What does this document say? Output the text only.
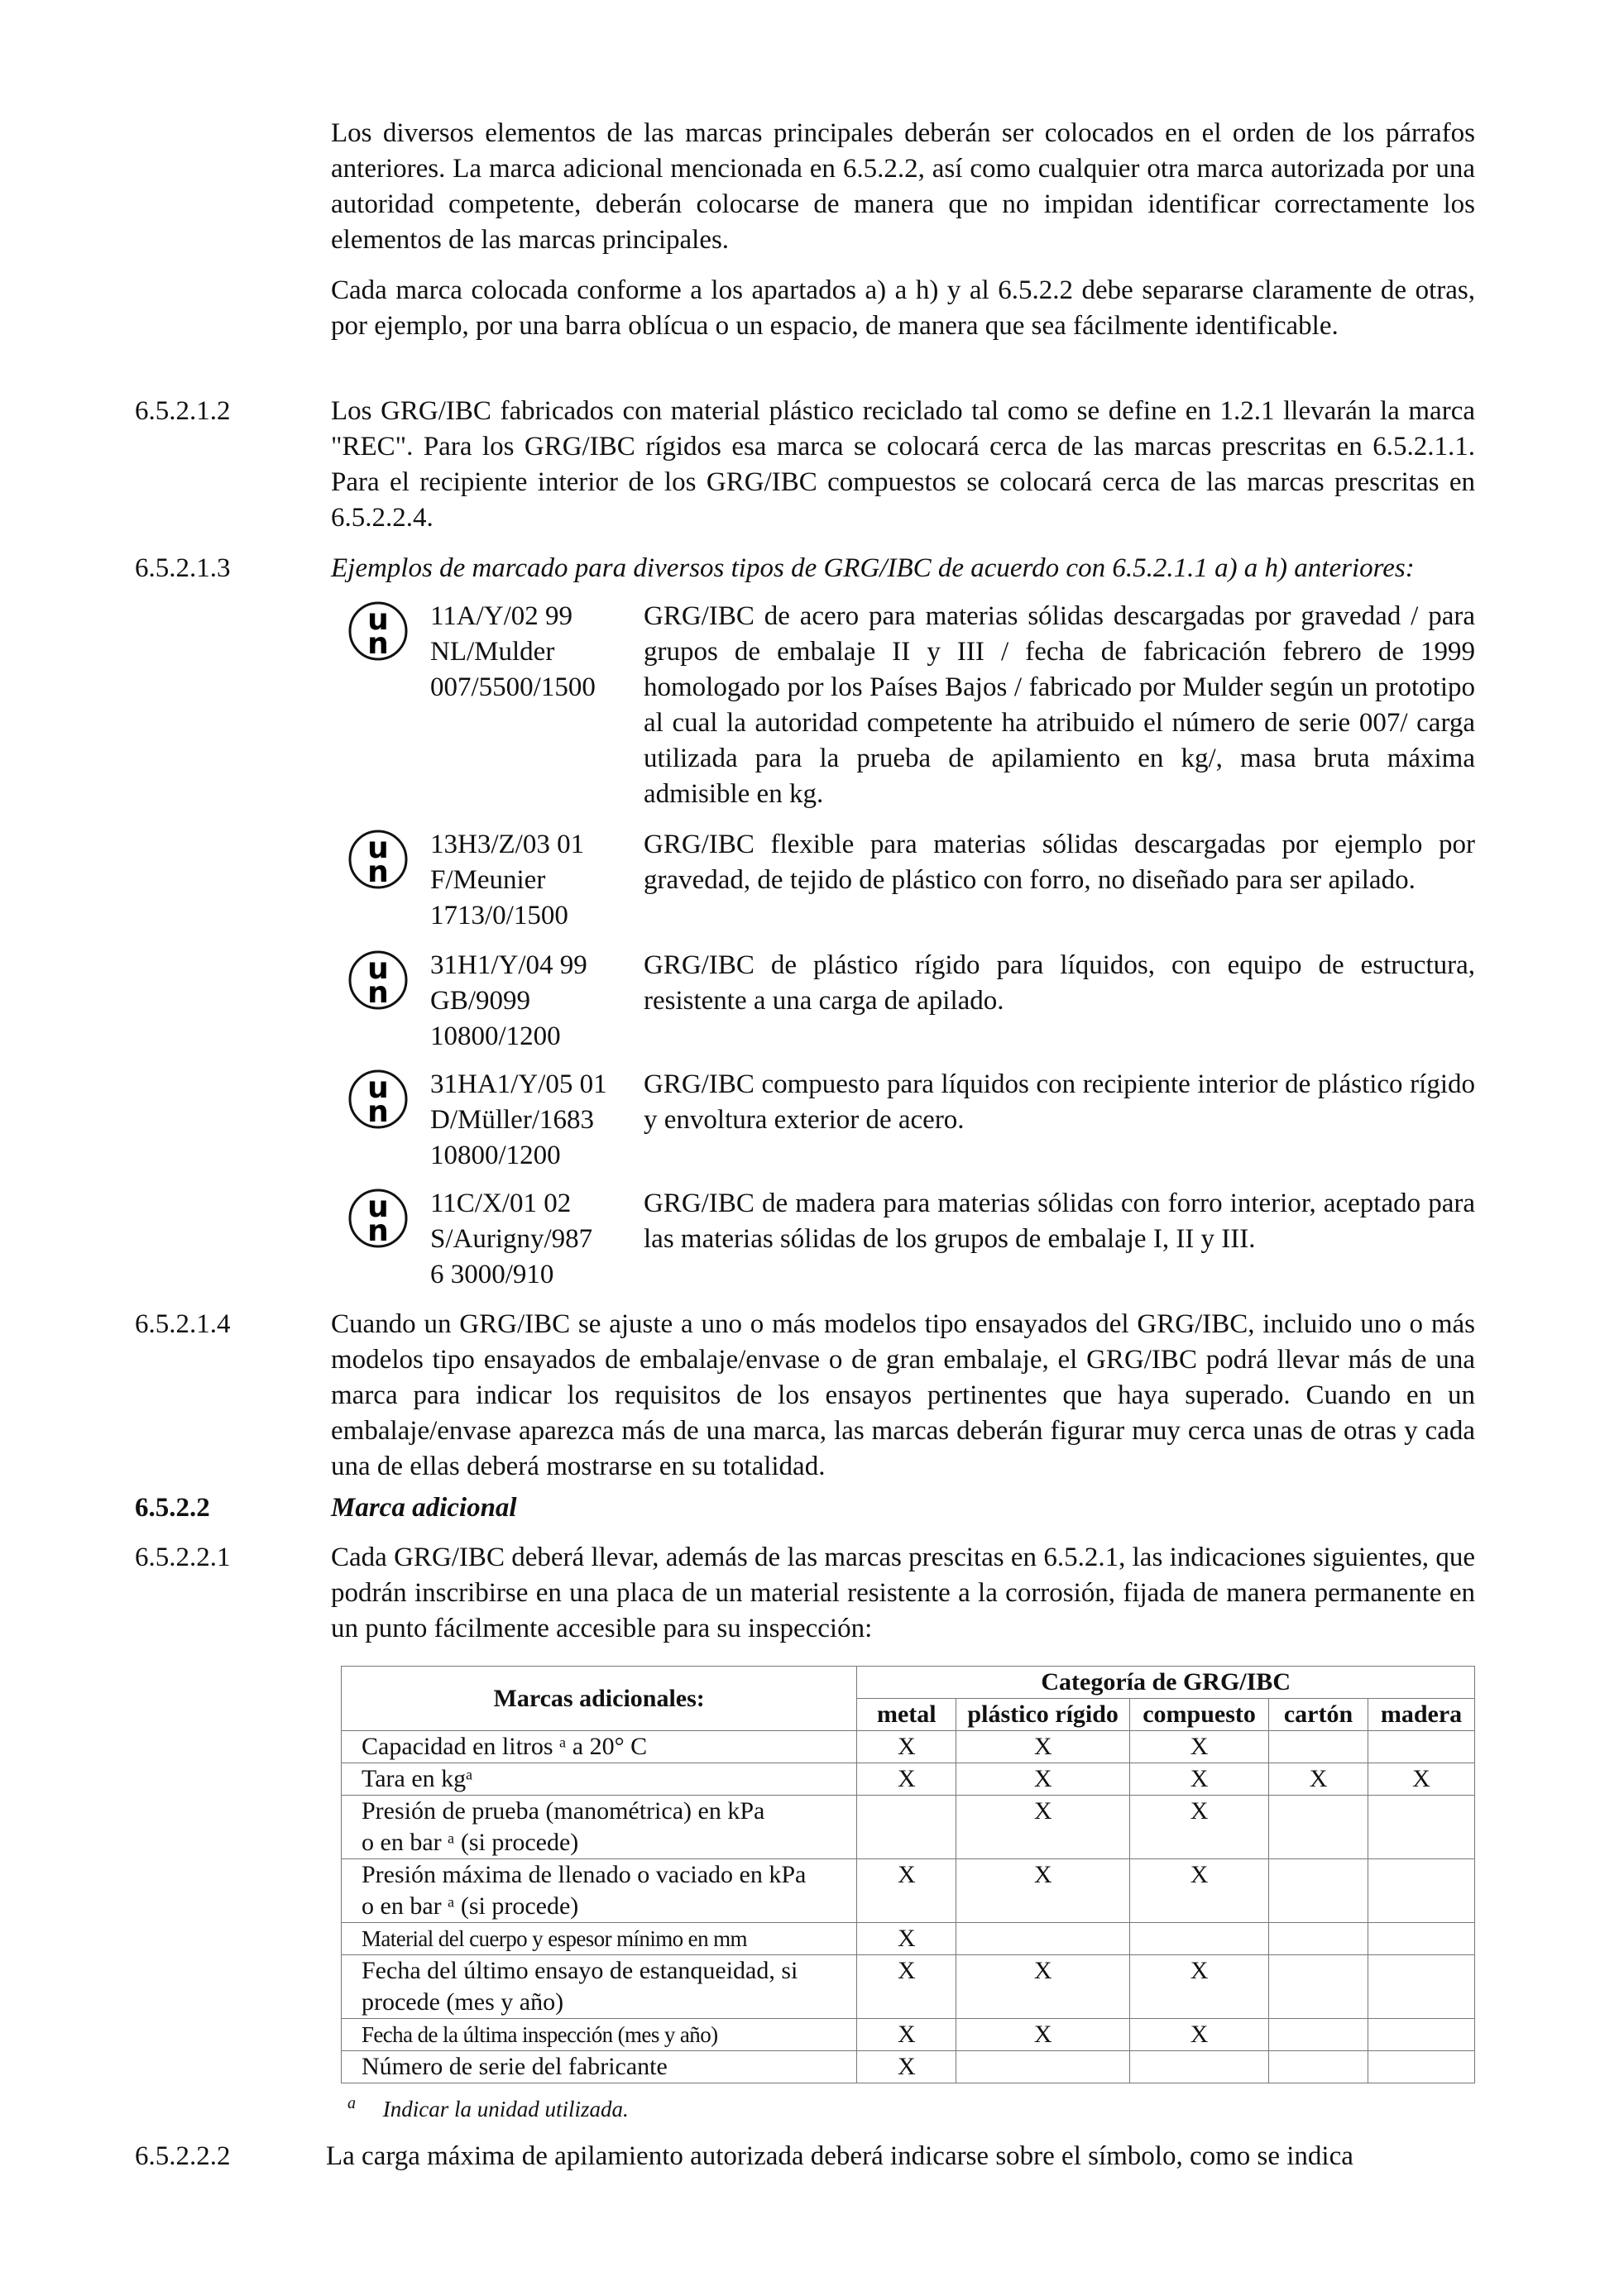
Los diversos elementos de las marcas principales deberán ser colocados en el orden de los párrafos anteriores. La marca adicional mencionada en 6.5.2.2, así como cualquier otra marca autorizada por una autoridad competente, deberán colocarse de manera que no impidan identificar correctamente los elementos de las marcas principales.

Cada marca colocada conforme a los apartados a) a h) y al 6.5.2.2 debe separarse claramente de otras, por ejemplo, por una barra oblícua o un espacio, de manera que sea fácilmente identificable.

6.5.2.1.2	Los GRG/IBC fabricados con material plástico reciclado tal como se define en 1.2.1 llevarán la marca "REC". Para los GRG/IBC rígidos esa marca se colocará cerca de las marcas prescritas en 6.5.2.1.1. Para el recipiente interior de los GRG/IBC compuestos se colocará cerca de las marcas prescritas en 6.5.2.2.4.

6.5.2.1.3	Ejemplos de marcado para diversos tipos de GRG/IBC de acuerdo con 6.5.2.1.1 a) a h) anteriores:

u
n
11A/Y/02 99
NL/Mulder
007/5500/1500
GRG/IBC de acero para materias sólidas descargadas por gravedad / para grupos de embalaje II y III / fecha de fabricación febrero de 1999 homologado por los Países Bajos / fabricado por Mulder según un prototipo al cual la autoridad competente ha atribuido el número de serie 007/ carga utilizada para la prueba de apilamiento en kg/, masa bruta máxima admisible en kg.
u
n
13H3/Z/03 01
F/Meunier
1713/0/1500
GRG/IBC flexible para materias sólidas descargadas por ejemplo por gravedad, de tejido de plástico con forro, no diseñado para ser apilado.
u
n
31H1/Y/04 99
GB/9099
10800/1200
GRG/IBC de plástico rígido para líquidos, con equipo de estructura, resistente a una carga de apilado.
u
n
31HA1/Y/05 01
D/Müller/1683
10800/1200
GRG/IBC compuesto para líquidos con recipiente interior de plástico rígido y envoltura exterior de acero.
u
n
11C/X/01 02
S/Aurigny/987
6 3000/910
GRG/IBC de madera para materias sólidas con forro interior, aceptado para las materias sólidas de los grupos de embalaje I, II y III.

6.5.2.1.4	Cuando un GRG/IBC se ajuste a uno o más modelos tipo ensayados del GRG/IBC, incluido uno o más modelos tipo ensayados de embalaje/envase o de gran embalaje, el GRG/IBC podrá llevar más de una marca para indicar los requisitos de los ensayos pertinentes que haya superado. Cuando en un embalaje/envase aparezca más de una marca, las marcas deberán figurar muy cerca unas de otras y cada una de ellas deberá mostrarse en su totalidad.

6.5.2.2	Marca adicional

6.5.2.2.1	Cada GRG/IBC deberá llevar, además de las marcas prescitas en 6.5.2.1, las indicaciones siguientes, que podrán inscribirse en una placa de un material resistente a la corrosión, fijada de manera permanente en un punto fácilmente accesible para su inspección:

Marcas adicionales:	Categoría de GRG/IBC				
	metal	plástico rígido	compuesto	cartón	madera
Capacidad en litros ᵃ a 20° C	X	X	X		
Tara en kgᵃ	X	X	X	X	X
Presión de prueba (manométrica) en kPa
o en bar ᵃ (si procede)		X	X		
Presión máxima de llenado o vaciado en kPa
o en bar ᵃ (si procede)	X	X	X		
Material del cuerpo y espesor mínimo en mm	X				
Fecha del último ensayo de estanqueidad, si
procede (mes y año)	X	X	X		
Fecha de la última inspección (mes y año)	X	X	X		
Número de serie del fabricante	X				
$^a$ Indicar la unidad utilizada.

6.5.2.2.2	La carga máxima de apilamiento autorizada deberá indicarse sobre el símbolo, como se indica
